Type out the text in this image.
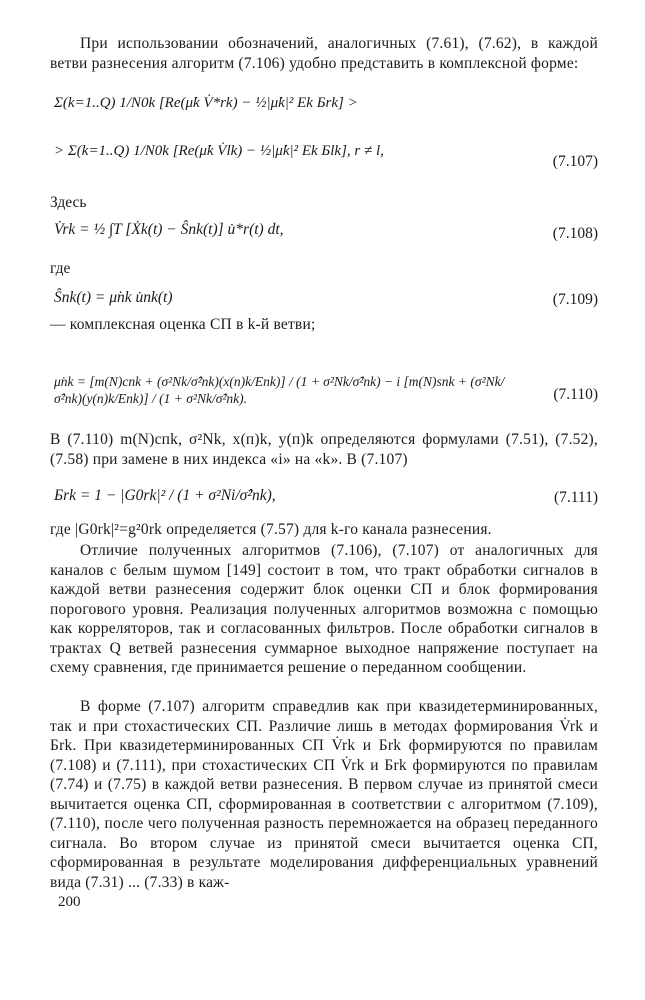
При использовании обозначений, аналогичных (7.61), (7.62), в каждой ветви разнесения алгоритм (7.106) удобно представить в комплексной форме:
Σ(k=1..Q) 1/N0k [Re(μ̇k V̇*rk) − ½|μ̇k|² Ek Бrk] >
> Σ(k=1..Q) 1/N0k [Re(μ̇k V̇lk) − ½|μ̇k|² Ek Бlk], r ≠ l,
(7.107)
Здесь
V̇rk = ½ ∫T [Ẋk(t) − Ŝпk(t)] u̇*r(t) dt,	(7.108)
где
Ŝпk(t) = μ̇пk u̇пk(t)	(7.109)
— комплексная оценка СП в k-й ветви;
μ̇пk = [m(N)cпk + (σ²Nk/σ̂²пk)(x(п)k/Eпk)] / (1 + σ²Nk/σ̂²пk) − i [m(N)sпk + (σ²Nk/σ̂²пk)(y(п)k/Eпk)] / (1 + σ²Nk/σ̂²пk).	(7.110)
В (7.110) m(N)cпk, σ²Nk, x(п)k, y(п)k определяются формулами (7.51), (7.52), (7.58) при замене в них индекса «i» на «k». В (7.107)
Бrk = 1 − |G0rk|² / (1 + σ²Ni/σ̂²пk),	(7.111)
где |G0rk|²=g²0rk определяется (7.57) для k-го канала разнесения.
Отличие полученных алгоритмов (7.106), (7.107) от аналогичных для каналов с белым шумом [149] состоит в том, что тракт обработки сигналов в каждой ветви разнесения содержит блок оценки СП и блок формирования порогового уровня. Реализация полученных алгоритмов возможна с помощью как корреляторов, так и согласованных фильтров. После обработки сигналов в трактах Q ветвей разнесения суммарное выходное напряжение поступает на схему сравнения, где принимается решение о переданном сообщении.
В форме (7.107) алгоритм справедлив как при квазидетерминированных, так и при стохастических СП. Различие лишь в методах формирования V̇rk и Бrk. При квазидетерминированных СП V̇rk и Бrk формируются по правилам (7.108) и (7.111), при стохастических СП V̇rk и Бrk формируются по правилам (7.74) и (7.75) в каждой ветви разнесения. В первом случае из принятой смеси вычитается оценка СП, сформированная в соответствии с алгоритмом (7.109), (7.110), после чего полученная разность перемножается на образец переданного сигнала. Во втором случае из принятой смеси вычитается оценка СП, сформированная в результате моделирования дифференциальных уравнений вида (7.31) ... (7.33) в каж-
200
